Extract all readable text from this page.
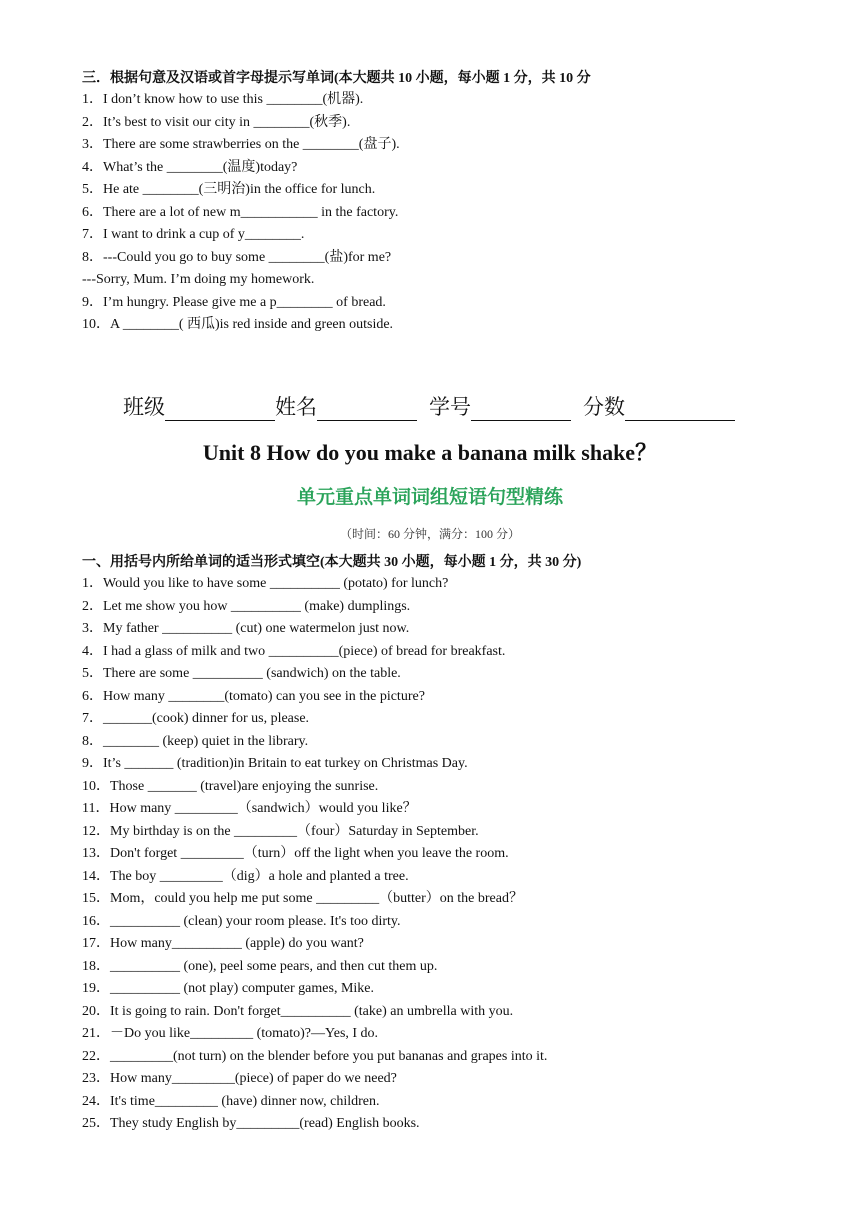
三．根据句意及汉语或首字母提示写单词(本大题共 10 小题，每小题 1 分，共 10 分
1．I don’t know how to use this ________(机器).
2．It’s best to visit our city in ________(秋季).
3．There are some strawberries on the ________(盘子).
4．What’s the ________(温度)today?
5．He ate ________(三明治)in the office for lunch.
6．There are a lot of new m___________ in the factory.
7．I want to drink a cup of y________.
8．---Could you go to buy some ________(盐)for me?
---Sorry, Mum. I’m doing my homework.
9．I’m hungry. Please give me a p________ of bread.
10．A ________( 西瓜)is red inside and green outside.
班级	姓名	学号	分数
Unit 8 How do you make a banana milk shake？
单元重点单词词组短语句型精练
（时间：60 分钟，满分：100 分）
一、用括号内所给单词的适当形式填空(本大题共 30 小题，每小题 1 分，共 30 分)
1．Would you like to have some __________ (potato) for lunch?
2．Let me show you how __________ (make) dumplings.
3．My father __________ (cut) one watermelon just now.
4．I had a glass of milk and two __________(piece) of bread for breakfast.
5．There are some __________ (sandwich) on the table.
6．How many ________(tomato) can you see in the picture?
7．_______(cook) dinner for us, please.
8．________ (keep) quiet in the library.
9．It’s _______ (tradition)in Britain to eat turkey on Christmas Day.
10．Those _______ (travel)are enjoying the sunrise.
11．How many _________（sandwich）would you like？
12．My birthday is on the _________（four）Saturday in September.
13．Don't forget _________（turn）off the light when you leave the room.
14．The boy _________（dig）a hole and planted a tree.
15．Mom，could you help me put some _________（butter）on the bread？
16．__________ (clean) your room please. It's too dirty.
17．How many__________ (apple) do you want?
18．__________ (one), peel some pears, and then cut them up.
19．__________ (not play) computer games, Mike.
20．It is going to rain. Don't forget__________ (take) an umbrella with you.
21．－Do you like_________ (tomato)?—Yes, I do.
22．_________(not turn) on the blender before you put bananas and grapes into it.
23．How many_________(piece) of paper do we need?
24．It's time_________ (have) dinner now, children.
25．They study English by_________(read) English books.
